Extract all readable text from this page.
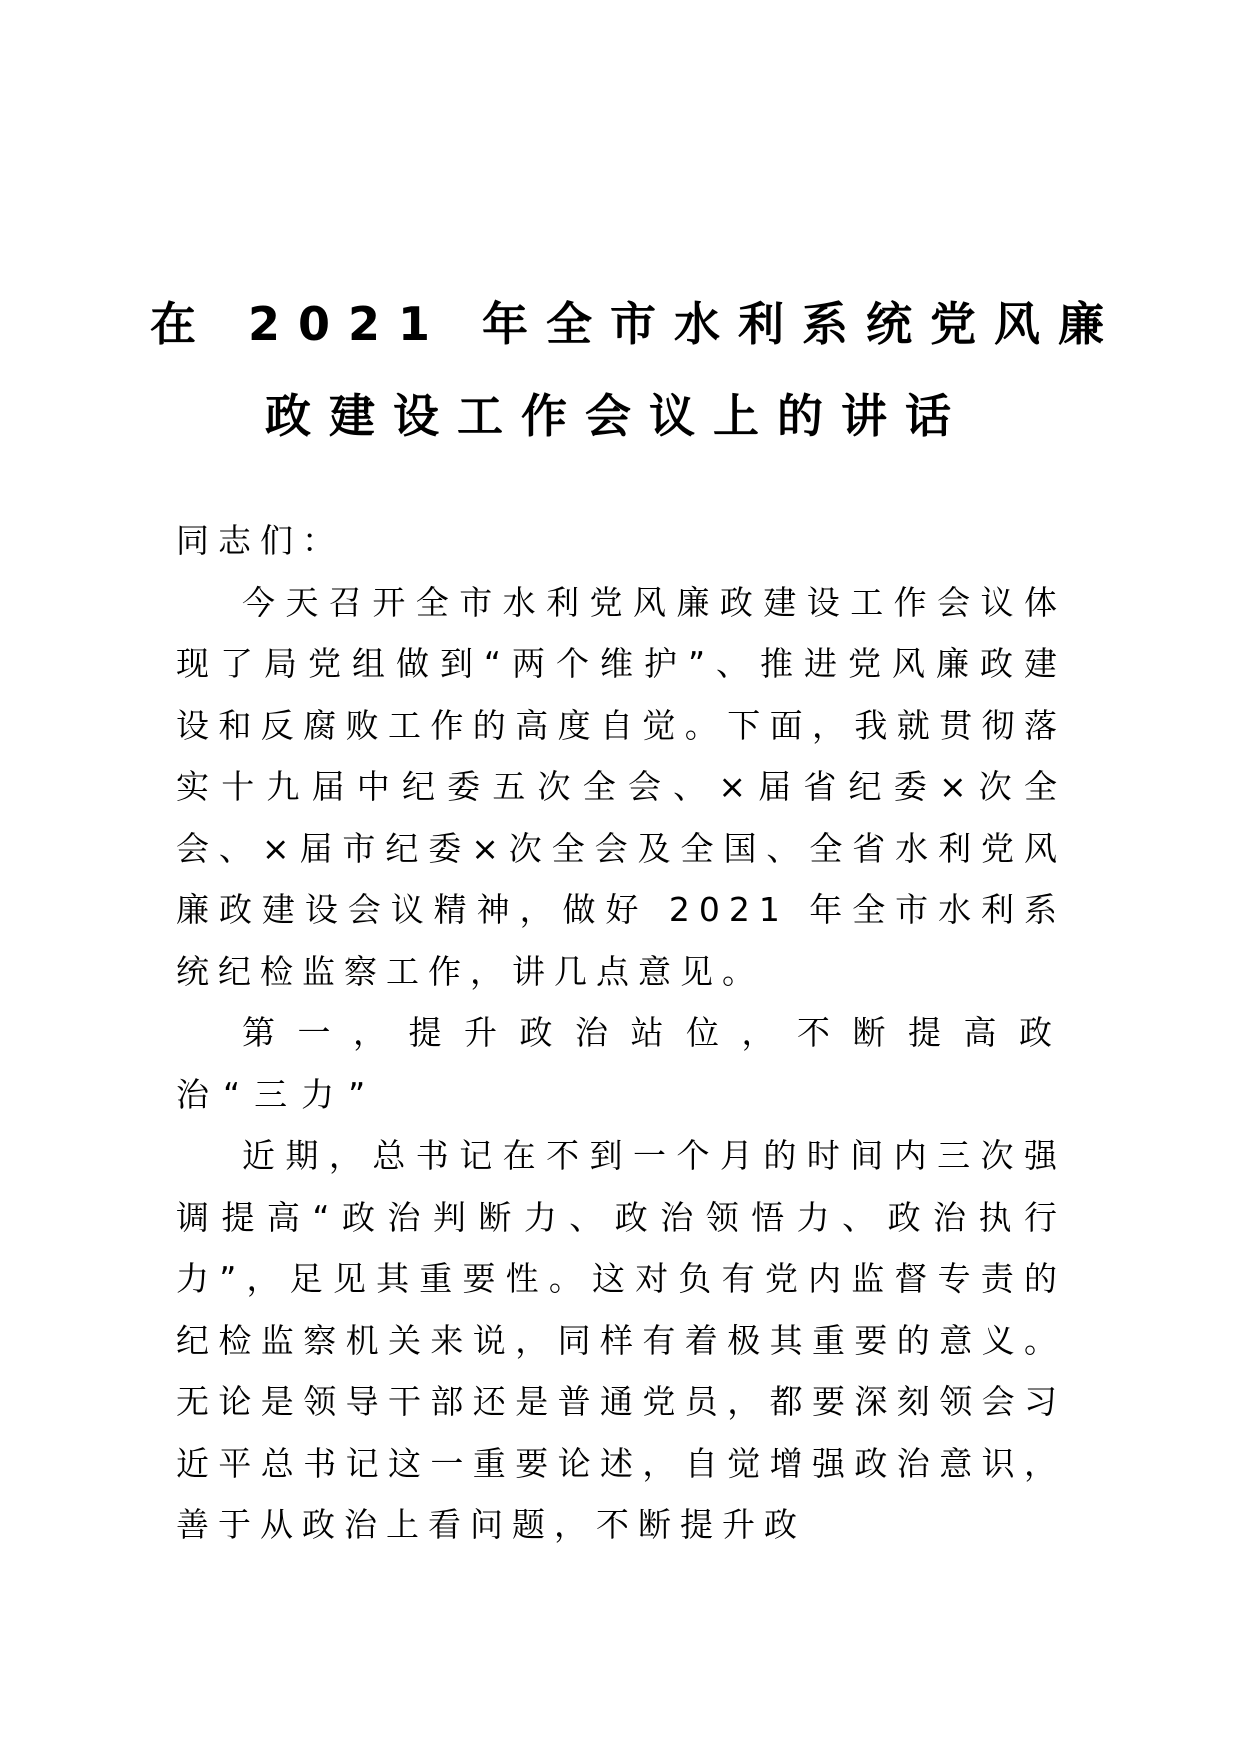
在 2021 年全市水利系统党风廉
政建设工作会议上的讲话

同志们：

今天召开全市水利党风廉政建设工作会议体现了局党组做到“两个维护”、推进党风廉政建设和反腐败工作的高度自觉。下面，我就贯彻落实十九届中纪委五次全会、×届省纪委×次全会、×届市纪委×次全会及全国、全省水利党风廉政建设会议精神，做好 2021 年全市水利系统纪检监察工作，讲几点意见。

第一，提升政治站位，不断提高政治“三力”

近期，总书记在不到一个月的时间内三次强调提高“政治判断力、政治领悟力、政治执行力”，足见其重要性。这对负有党内监督专责的纪检监察机关来说，同样有着极其重要的意义。无论是领导干部还是普通党员，都要深刻领会习近平总书记这一重要论述，自觉增强政治意识，善于从政治上看问题，不断提升政
